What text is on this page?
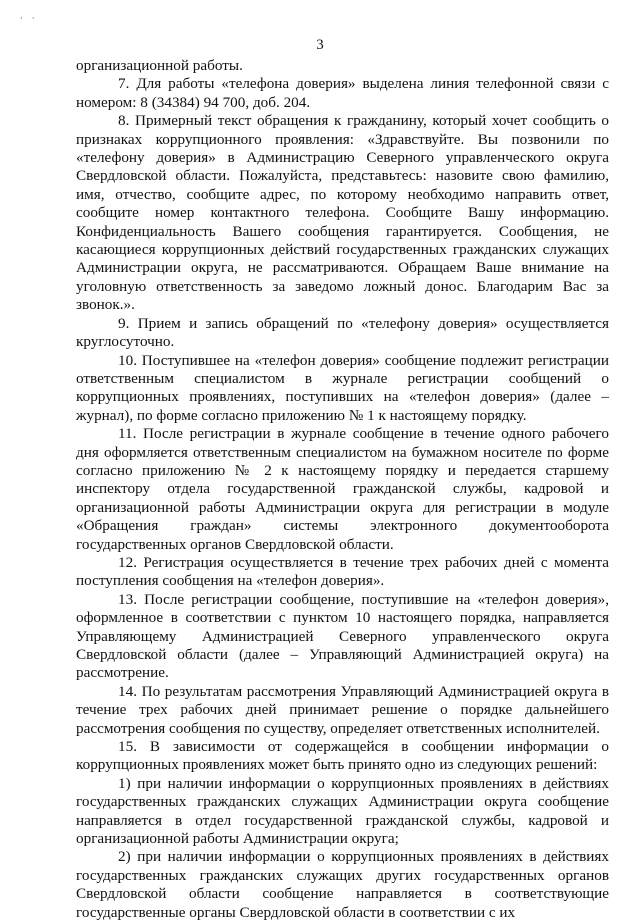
· ·
3

организационной работы.

7. Для работы «телефона доверия» выделена линия телефонной связи с номером: 8 (34384) 94 700, доб. 204.

8. Примерный текст обращения к гражданину, который хочет сообщить о признаках коррупционного проявления: «Здравствуйте. Вы позвонили по «телефону доверия» в Администрацию Северного управленческого округа Свердловской области. Пожалуйста, представьтесь: назовите свою фамилию, имя, отчество, сообщите адрес, по которому необходимо направить ответ, сообщите номер контактного телефона. Сообщите Вашу информацию. Конфиденциальность Вашего сообщения гарантируется. Сообщения, не касающиеся коррупционных действий государственных гражданских служащих Администрации округа, не рассматриваются. Обращаем Ваше внимание на уголовную ответственность за заведомо ложный донос. Благодарим Вас за звонок.».

9. Прием и запись обращений по «телефону доверия» осуществляется круглосуточно.

10. Поступившее на «телефон доверия» сообщение подлежит регистрации ответственным специалистом в журнале регистрации сообщений о коррупционных проявлениях, поступивших на «телефон доверия» (далее – журнал), по форме согласно приложению № 1 к настоящему порядку.

11. После регистрации в журнале сообщение в течение одного рабочего дня оформляется ответственным специалистом на бумажном носителе по форме согласно приложению № 2 к настоящему порядку и передается старшему инспектору отдела государственной гражданской службы, кадровой и организационной работы Администрации округа для регистрации в модуле «Обращения граждан» системы электронного документооборота государственных органов Свердловской области.

12. Регистрация осуществляется в течение трех рабочих дней с момента поступления сообщения на «телефон доверия».

13. После регистрации сообщение, поступившие на «телефон доверия», оформленное в соответствии с пунктом 10 настоящего порядка, направляется Управляющему Администрацией Северного управленческого округа Свердловской области (далее – Управляющий Администрацией округа) на рассмотрение.

14. По результатам рассмотрения Управляющий Администрацией округа в течение трех рабочих дней принимает решение о порядке дальнейшего рассмотрения сообщения по существу, определяет ответственных исполнителей.

15. В зависимости от содержащейся в сообщении информации о коррупционных проявлениях может быть принято одно из следующих решений:

1) при наличии информации о коррупционных проявлениях в действиях государственных гражданских служащих Администрации округа сообщение направляется в отдел государственной гражданской службы, кадровой и организационной работы Администрации округа;

2) при наличии информации о коррупционных проявлениях в действиях государственных гражданских служащих других государственных органов Свердловской области сообщение направляется в соответствующие государственные органы Свердловской области в соответствии с их
